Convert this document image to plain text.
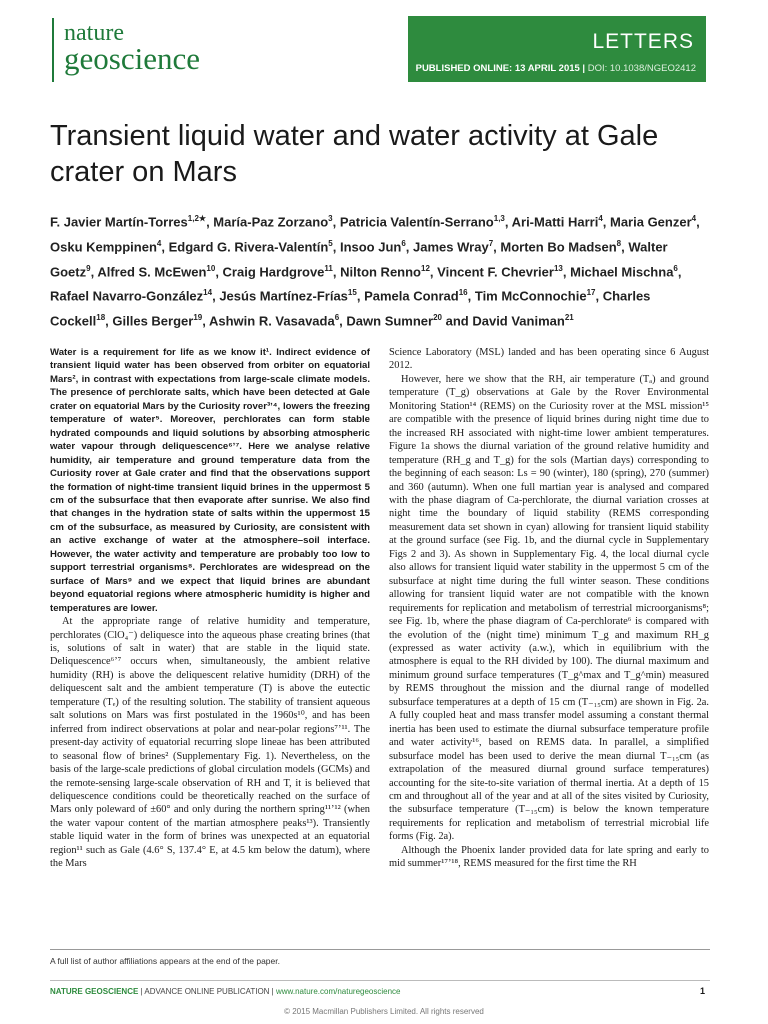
nature
geoscience	LETTERS
PUBLISHED ONLINE: 13 APRIL 2015 | DOI: 10.1038/NGEO2412
Transient liquid water and water activity at Gale crater on Mars
F. Javier Martín-Torres$^{1,2★}$, María-Paz Zorzano$^3$, Patricia Valentín-Serrano$^{1,3}$, Ari-Matti Harri$^4$, Maria Genzer$^4$, Osku Kemppinen$^4$, Edgard G. Rivera-Valentín$^5$, Insoo Jun$^6$, James Wray$^7$, Morten Bo Madsen$^8$, Walter Goetz$^9$, Alfred S. McEwen$^{10}$, Craig Hardgrove$^{11}$, Nilton Renno$^{12}$, Vincent F. Chevrier$^{13}$, Michael Mischna$^6$, Rafael Navarro-González$^{14}$, Jesús Martínez-Frías$^{15}$, Pamela Conrad$^{16}$, Tim McConnochie$^{17}$, Charles Cockell$^{18}$, Gilles Berger$^{19}$, Ashwin R. Vasavada$^6$, Dawn Sumner$^{20}$ and David Vaniman$^{21}$

Water is a requirement for life as we know it¹. Indirect evidence of transient liquid water has been observed from orbiter on equatorial Mars², in contrast with expectations from large-scale climate models. The presence of perchlorate salts, which have been detected at Gale crater on equatorial Mars by the Curiosity rover³ʼ⁴, lowers the freezing temperature of water⁵. Moreover, perchlorates can form stable hydrated compounds and liquid solutions by absorbing atmospheric water vapour through deliquescence⁶ʼ⁷. Here we analyse relative humidity, air temperature and ground temperature data from the Curiosity rover at Gale crater and find that the observations support the formation of night-time transient liquid brines in the uppermost 5 cm of the subsurface that then evaporate after sunrise. We also find that changes in the hydration state of salts within the uppermost 15 cm of the subsurface, as measured by Curiosity, are consistent with an active exchange of water at the atmosphere–soil interface. However, the water activity and temperature are probably too low to support terrestrial organisms⁸. Perchlorates are widespread on the surface of Mars⁹ and we expect that liquid brines are abundant beyond equatorial regions where atmospheric humidity is higher and temperatures are lower.

At the appropriate range of relative humidity and temperature, perchlorates (ClO₄⁻) deliquesce into the aqueous phase creating brines (that is, solutions of salt in water) that are stable in the liquid state. Deliquescence⁶ʼ⁷ occurs when, simultaneously, the ambient relative humidity (RH) is above the deliquescent relative humidity (DRH) of the deliquescent salt and the ambient temperature (T) is above the eutectic temperature (Tₑ) of the resulting solution. The stability of transient aqueous salt solutions on Mars was first postulated in the 1960s¹⁰, and has been inferred from indirect observations at polar and near-polar regions⁷ʼ¹¹. The present-day activity of equatorial recurring slope lineae has been attributed to seasonal flow of brines² (Supplementary Fig. 1). Nevertheless, on the basis of the large-scale predictions of global circulation models (GCMs) and the remote-sensing large-scale observation of RH and T, it is believed that deliquescence conditions could be theoretically reached on the surface of Mars only poleward of ±60° and only during the northern spring¹¹ʼ¹² (when the water vapour content of the martian atmosphere peaks¹³). Transiently stable liquid water in the form of brines was unexpected at an equatorial region¹¹ such as Gale (4.6° S, 137.4° E, at 4.5 km below the datum), where the Mars

Science Laboratory (MSL) landed and has been operating since 6 August 2012.

However, here we show that the RH, air temperature (Tₐ) and ground temperature (T_g) observations at Gale by the Rover Environmental Monitoring Station¹⁴ (REMS) on the Curiosity rover at the MSL mission¹⁵ are compatible with the presence of liquid brines during night time due to the increased RH associated with night-time lower ambient temperatures. Figure 1a shows the diurnal variation of the ground relative humidity and temperature (RH_g and T_g) for the sols (Martian days) corresponding to the beginning of each season: Ls = 90 (winter), 180 (spring), 270 (summer) and 360 (autumn). When one full martian year is analysed and compared with the phase diagram of Ca-perchlorate, the diurnal variation crosses at night time the boundary of liquid stability (REMS corresponding measurement data set shown in cyan) allowing for transient liquid stability at the ground surface (see Fig. 1b, and the diurnal cycle in Supplementary Figs 2 and 3). As shown in Supplementary Fig. 4, the local diurnal cycle also allows for transient liquid water stability in the uppermost 5 cm of the subsurface at night time during the full winter season. These conditions allowing for transient liquid water are not compatible with the known requirements for replication and metabolism of terrestrial microorganisms⁸; see Fig. 1b, where the phase diagram of Ca-perchlorate⁶ is compared with the evolution of the (night time) minimum T_g and maximum RH_g (expressed as water activity (a.w.), which in equilibrium with the atmosphere is equal to the RH divided by 100). The diurnal maximum and minimum ground surface temperatures (T_g^max and T_g^min) measured by REMS throughout the mission and the diurnal range of modelled subsurface temperatures at a depth of 15 cm (T₋₁₅cm) are shown in Fig. 2a. A fully coupled heat and mass transfer model assuming a constant thermal inertia has been used to estimate the diurnal subsurface temperature profile and water activity¹⁶, based on REMS data. In parallel, a simplified subsurface model has been used to derive the mean diurnal T₋₁₅cm (as extrapolation of the measured diurnal ground surface temperatures) accounting for the site-to-site variation of thermal inertia. At a depth of 15 cm and throughout all of the year and at all of the sites visited by Curiosity, the subsurface temperature (T₋₁₅cm) is below the known temperature requirements for replication and metabolism of terrestrial microbial life forms (Fig. 2a).

Although the Phoenix lander provided data for late spring and early to mid summer¹⁷ʼ¹⁸, REMS measured for the first time the RH

A full list of author affiliations appears at the end of the paper.
NATURE GEOSCIENCE | ADVANCE ONLINE PUBLICATION | www.nature.com/naturegeoscience	1
© 2015 Macmillan Publishers Limited. All rights reserved
